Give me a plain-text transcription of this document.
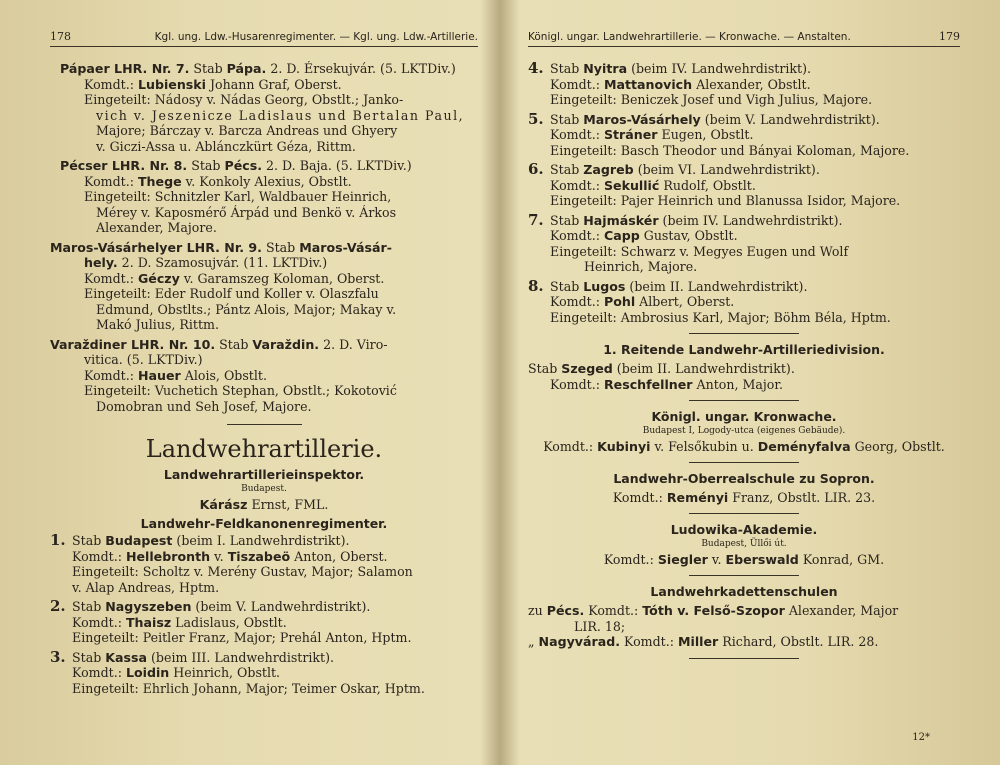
178	Kgl. ung. Ldw.-Husarenregimenter. — Kgl. ung. Ldw.-Artillerie.
Pápaer LHR. Nr. 7. Stab Pápa. 2. D. Érsekujvár. (5. LKTDiv.)
Komdt.: Lubienski Johann Graf, Oberst.
Eingeteilt: Nádosy v. Nádas Georg, Obstlt.; Janko-
vich v. Jeszenicze Ladislaus und Bertalan Paul,
Majore; Bárczay v. Barcza Andreas und Ghyery
v. Giczi-Assa u. Ablánczkürt Géza, Rittm.
Pécser LHR. Nr. 8. Stab Pécs. 2. D. Baja. (5. LKTDiv.)
Komdt.: Thege v. Konkoly Alexius, Obstlt.
Eingeteilt: Schnitzler Karl, Waldbauer Heinrich,
Mérey v. Kaposmérő Árpád und Benkö v. Árkos
Alexander, Majore.
Maros-Vásárhelyer LHR. Nr. 9. Stab Maros-Vásár-
hely. 2. D. Szamosujvár. (11. LKTDiv.)
Komdt.: Géczy v. Garamszeg Koloman, Oberst.
Eingeteilt: Eder Rudolf und Koller v. Olaszfalu
Edmund, Obstlts.; Pántz Alois, Major; Makay v.
Makó Julius, Rittm.
Varaždiner LHR. Nr. 10. Stab Varaždin. 2. D. Viro-
vitica. (5. LKTDiv.)
Komdt.: Hauer Alois, Obstlt.
Eingeteilt: Vuchetich Stephan, Obstlt.; Kokotović
Domobran und Seh Josef, Majore.
Landwehrartillerie.
Landwehrartillerieinspektor.
Budapest.
Kárász Ernst, FML.
Landwehr-Feldkanonenregimenter.
1. Stab Budapest (beim I. Landwehrdistrikt).
Komdt.: Hellebronth v. Tiszabeö Anton, Oberst.
Eingeteilt: Scholtz v. Merény Gustav, Major; Salamon
v. Alap Andreas, Hptm.
2. Stab Nagyszeben (beim V. Landwehrdistrikt).
Komdt.: Thaisz Ladislaus, Obstlt.
Eingeteilt: Peitler Franz, Major; Prehál Anton, Hptm.
3. Stab Kassa (beim III. Landwehrdistrikt).
Komdt.: Loidin Heinrich, Obstlt.
Eingeteilt: Ehrlich Johann, Major; Teimer Oskar, Hptm.
Königl. ungar. Landwehrartillerie. — Kronwache. — Anstalten.	179
4. Stab Nyitra (beim IV. Landwehrdistrikt).
Komdt.: Mattanovich Alexander, Obstlt.
Eingeteilt: Beniczek Josef und Vigh Julius, Majore.
5. Stab Maros-Vásárhely (beim V. Landwehrdistrikt).
Komdt.: Stráner Eugen, Obstlt.
Eingeteilt: Basch Theodor und Bányai Koloman, Majore.
6. Stab Zagreb (beim VI. Landwehrdistrikt).
Komdt.: Sekullić Rudolf, Obstlt.
Eingeteilt: Pajer Heinrich und Blanussa Isidor, Majore.
7. Stab Hajmáskér (beim IV. Landwehrdistrikt).
Komdt.: Capp Gustav, Obstlt.
Eingeteilt: Schwarz v. Megyes Eugen und Wolf
Heinrich, Majore.
8. Stab Lugos (beim II. Landwehrdistrikt).
Komdt.: Pohl Albert, Oberst.
Eingeteilt: Ambrosius Karl, Major; Böhm Béla, Hptm.
1. Reitende Landwehr-Artilleriedivision.
Stab Szeged (beim II. Landwehrdistrikt).
Komdt.: Reschfellner Anton, Major.
Königl. ungar. Kronwache.
Budapest I, Logody-utca (eigenes Gebäude).
Komdt.: Kubinyi v. Felsőkubin u. Deményfalva Georg, Obstlt.
Landwehr-Oberrealschule zu Sopron.
Komdt.: Reményi Franz, Obstlt. LIR. 23.
Ludowika-Akademie.
Budapest, Üllői út.
Komdt.: Siegler v. Eberswald Konrad, GM.
Landwehrkadettenschulen
zu Pécs. Komdt.: Tóth v. Felső-Szopor Alexander, Major
LIR. 18;
„ Nagyvárad. Komdt.: Miller Richard, Obstlt. LIR. 28.
12*
